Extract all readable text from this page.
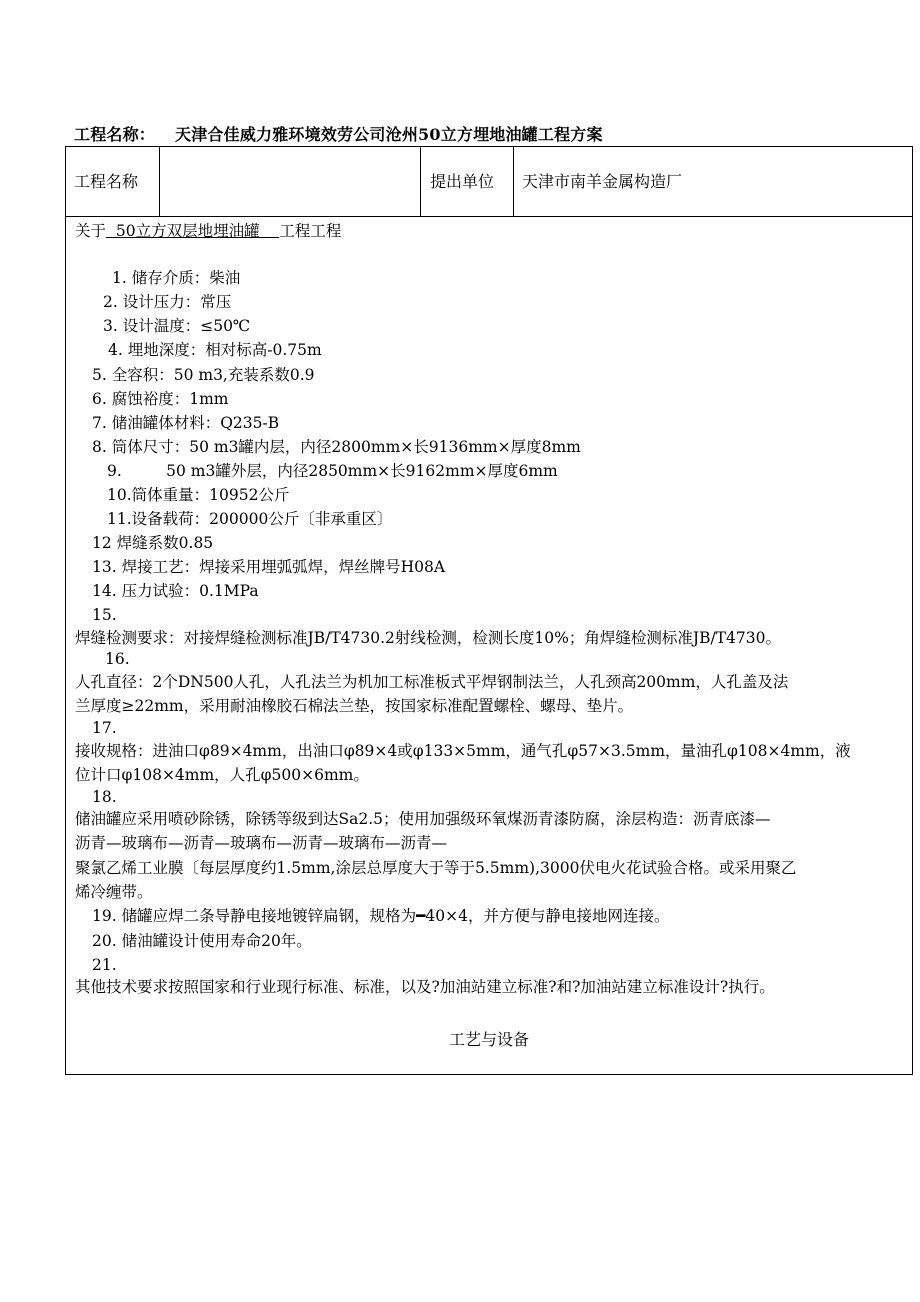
工程名称： 天津合佳威力雅环境效劳公司沧州50立方埋地油罐工程方案
工程名称	提出单位	天津市南羊金属构造厂
关于  50立方双层地埋油罐    工程工程
1. 储存介质：柴油
2. 设计压力：常压
3. 设计温度：≤50℃
4. 埋地深度：相对标高-0.75m
5. 全容积：50 m3,充装系数0.9
6. 腐蚀裕度：1mm
7. 储油罐体材料：Q235-B
8. 筒体尺寸：50 m3罐内层，内径2800mm×长9136mm×厚度8mm
9.         50 m3罐外层，内径2850mm×长9162mm×厚度6mm
10.筒体重量：10952公斤
11.设备载荷：200000公斤〔非承重区〕
12 焊缝系数0.85
13. 焊接工艺：焊接采用埋弧弧焊，焊丝牌号H08A
14. 压力试验：0.1MPa
15.
焊缝检测要求：对接焊缝检测标准JB/T4730.2射线检测，检测长度10%；角焊缝检测标准JB/T4730。
16.
人孔直径：2个DN500人孔，人孔法兰为机加工标准板式平焊钢制法兰，人孔颈高200mm，人孔盖及法
兰厚度≥22mm，采用耐油橡胶石棉法兰垫，按国家标准配置螺栓、螺母、垫片。
17.
接收规格：进油口φ89×4mm，出油口φ89×4或φ133×5mm，通气孔φ57×3.5mm，量油孔φ108×4mm，液
位计口φ108×4mm，人孔φ500×6mm。
18.
储油罐应采用喷砂除锈，除锈等级到达Sa2.5；使用加强级环氧煤沥青漆防腐，涂层构造：沥青底漆—
沥青—玻璃布—沥青—玻璃布—沥青—玻璃布—沥青—
聚氯乙烯工业膜〔每层厚度约1.5mm,涂层总厚度大于等于5.5mm),3000伏电火花试验合格。或采用聚乙
烯冷缠带。
19. 储罐应焊二条导静电接地镀锌扁钢，规格为━40×4，并方便与静电接地网连接。
20. 储油罐设计使用寿命20年。
21.
其他技术要求按照国家和行业现行标准、标准，以及?加油站建立标准?和?加油站建立标准设计?执行。
工艺与设备
